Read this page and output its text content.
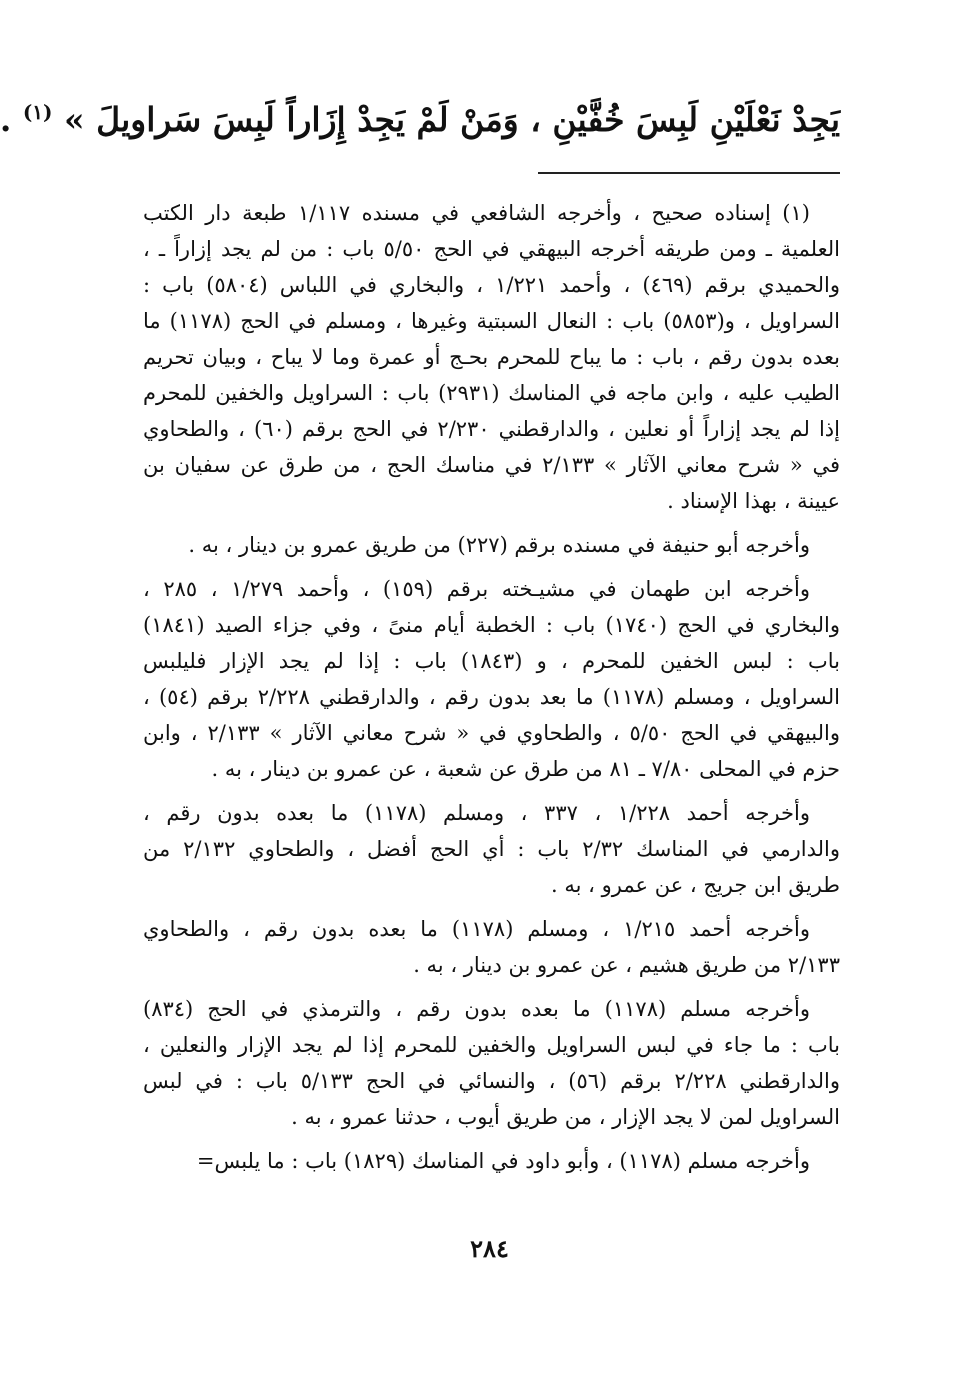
يَجِدْ نَعْلَيْنِ لَبِسَ خُفَّيْنِ ، وَمَنْ لَمْ يَجِدْ إِزَاراً لَبِسَ سَراويلَ » $^{(١)}$ .

(١) إسناده صحيح ، وأخرجه الشافعي في مسنده ١/١١٧ طبعة دار الكتب
العلمية ـ ومن طريقه أخرجه البيهقي في الحج ٥/٥٠ باب : من لم يجد إزاراً ـ ،
والحميدي برقم (٤٦٩) ، وأحمد ١/٢٢١ ، والبخاري في اللباس (٥٨٠٤) باب :
السراويل ، و(٥٨٥٣) باب : النعال السبتية وغيرها ، ومسلم في الحج (١١٧٨) ما
بعده بدون رقم ، باب : ما يباح للمحرم بحـج أو عمرة وما لا يباح ، وبيان تحريم
الطيب عليه ، وابن ماجه في المناسك (٢٩٣١) باب : السراويل والخفين للمحرم
إذا لم يجد إزاراً أو نعلين ، والدارقطني ٢/٢٣٠ في الحج برقم (٦٠) ، والطحاوي
في « شرح معاني الآثار » ٢/١٣٣ في مناسك الحج ، من طرق عن سفيان بن
عيينة ، بهذا الإسناد .

وأخرجه أبو حنيفة في مسنده برقم (٢٢٧) من طريق عمرو بن دينار ، به .

وأخرجه ابن طهمان في مشيـخته برقم (١٥٩) ، وأحمد ١/٢٧٩ ، ٢٨٥ ،
والبخاري في الحج (١٧٤٠) باب : الخطبة أيام منىً ، وفي جزاء الصيد (١٨٤١)
باب : لبس الخفين للمحرم ، و (١٨٤٣) باب : إذا لم يجد الإزار فليلبس
السراويل ، ومسلم (١١٧٨) ما بعد بدون رقم ، والدارقطني ٢/٢٢٨ برقم (٥٤) ،
والبيهقي في الحج ٥/٥٠ ، والطحاوي في « شرح معاني الآثار » ٢/١٣٣ ، وابن
حزم في المحلى ٧/٨٠ ـ ٨١ من طرق عن شعبة ، عن عمرو بن دينار ، به .

وأخرجه أحمد ١/٢٢٨ ، ٣٣٧ ، ومسلم (١١٧٨) ما بعده بدون رقم ،
والدارمي في المناسك ٢/٣٢ باب : أي الحج أفضل ، والطحاوي ٢/١٣٢ من
طريق ابن جريج ، عن عمرو ، به .

وأخرجه أحمد ١/٢١٥ ، ومسلم (١١٧٨) ما بعده بدون رقم ، والطحاوي
٢/١٣٣ من طريق هشيم ، عن عمرو بن دينار ، به .

وأخرجه مسلم (١١٧٨) ما بعده بدون رقم ، والترمذي في الحج (٨٣٤)
باب : ما جاء في لبس السراويل والخفين للمحرم إذا لم يجد الإزار والنعلين ،
والدارقطني ٢/٢٢٨ برقم (٥٦) ، والنسائي في الحج ٥/١٣٣ باب : في لبس
السراويل لمن لا يجد الإزار ، من طريق أيوب ، حدثنا عمرو ، به .

وأخرجه مسلم (١١٧٨) ، وأبو داود في المناسك (١٨٢٩) باب : ما يلبس=

٢٨٤
